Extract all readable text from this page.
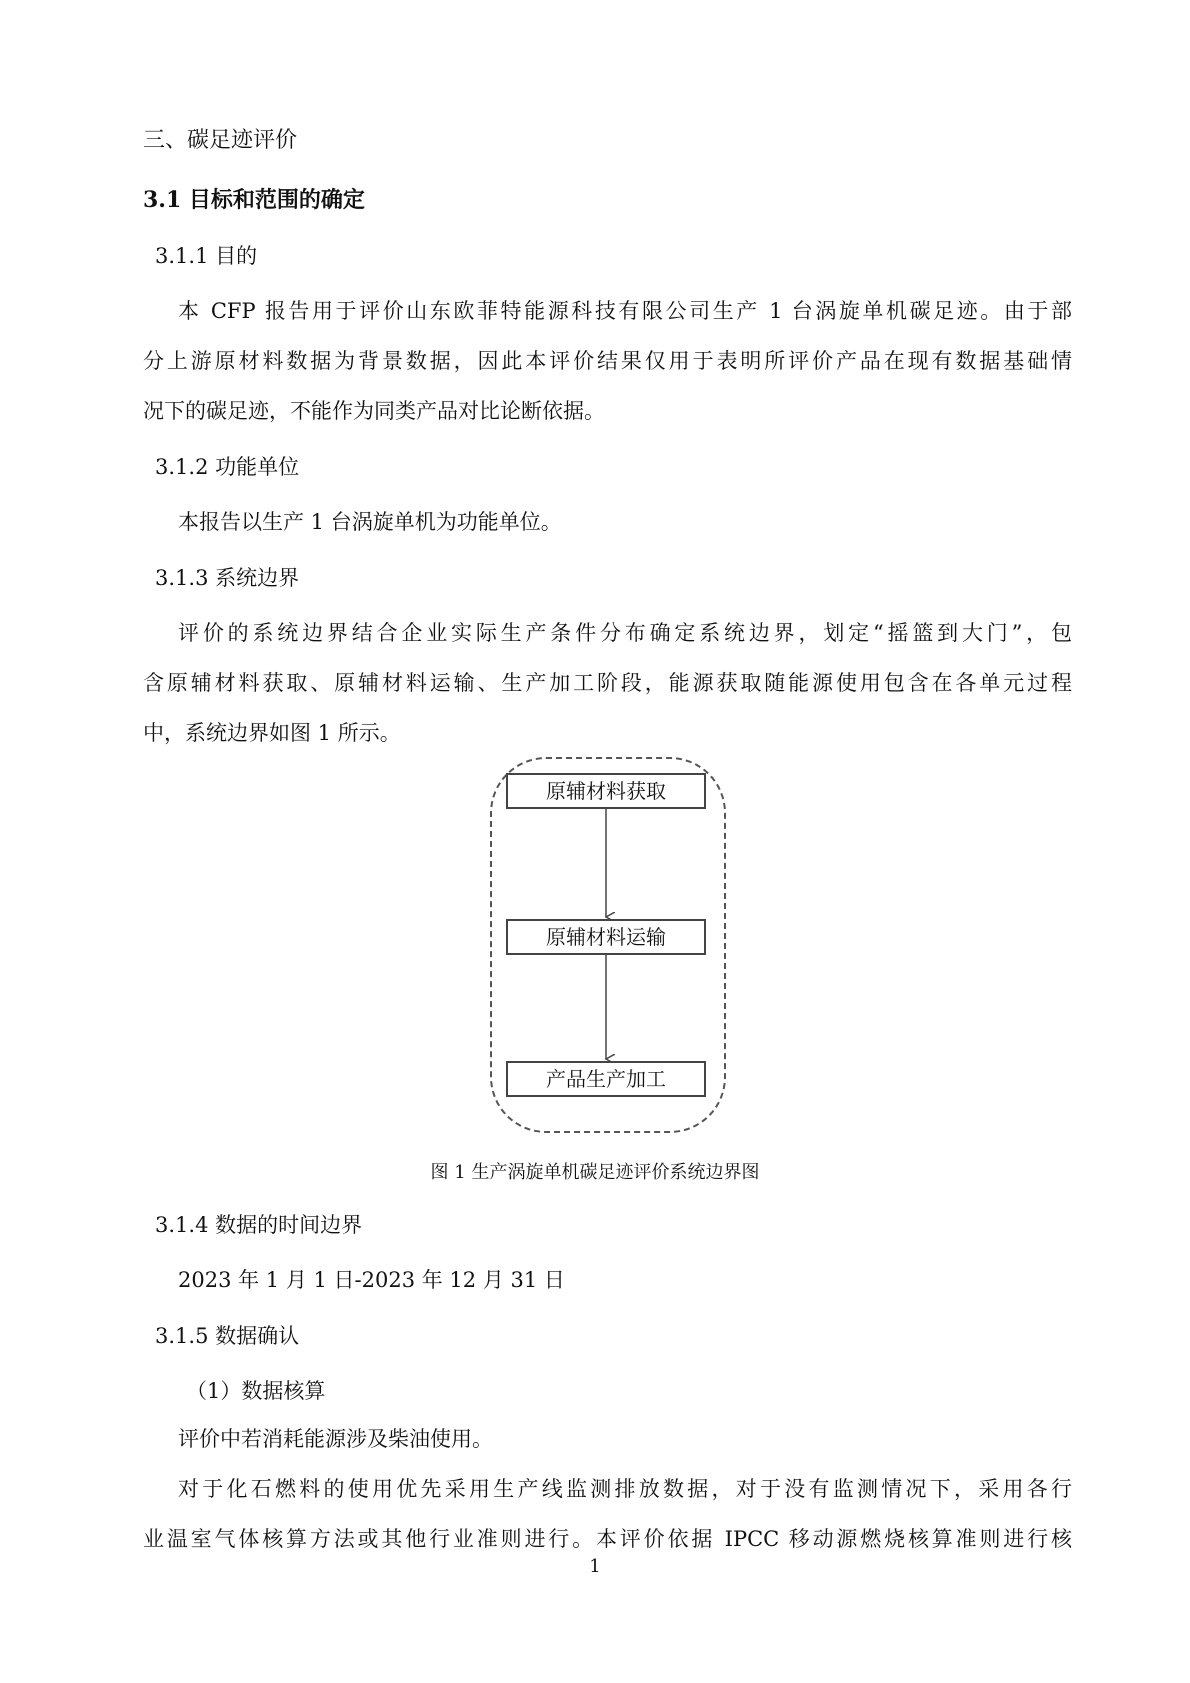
三、碳足迹评价
3.1 目标和范围的确定
3.1.1 目的
本 CFP 报告用于评价山东欧菲特能源科技有限公司生产 1 台涡旋单机碳足迹。由于部
分上游原材料数据为背景数据，因此本评价结果仅用于表明所评价产品在现有数据基础情
况下的碳足迹，不能作为同类产品对比论断依据。
3.1.2 功能单位
本报告以生产 1 台涡旋单机为功能单位。
3.1.3 系统边界
评价的系统边界结合企业实际生产条件分布确定系统边界，划定“摇篮到大门”，包
含原辅材料获取、原辅材料运输、生产加工阶段，能源获取随能源使用包含在各单元过程
中，系统边界如图 1 所示。
原辅材料获取
原辅材料运输
产品生产加工
图 1 生产涡旋单机碳足迹评价系统边界图
3.1.4 数据的时间边界
2023 年 1 月 1 日-2023 年 12 月 31 日
3.1.5 数据确认
（1）数据核算
评价中若消耗能源涉及柴油使用。
对于化石燃料的使用优先采用生产线监测排放数据，对于没有监测情况下，采用各行
业温室气体核算方法或其他行业准则进行。本评价依据 IPCC 移动源燃烧核算准则进行核
1
